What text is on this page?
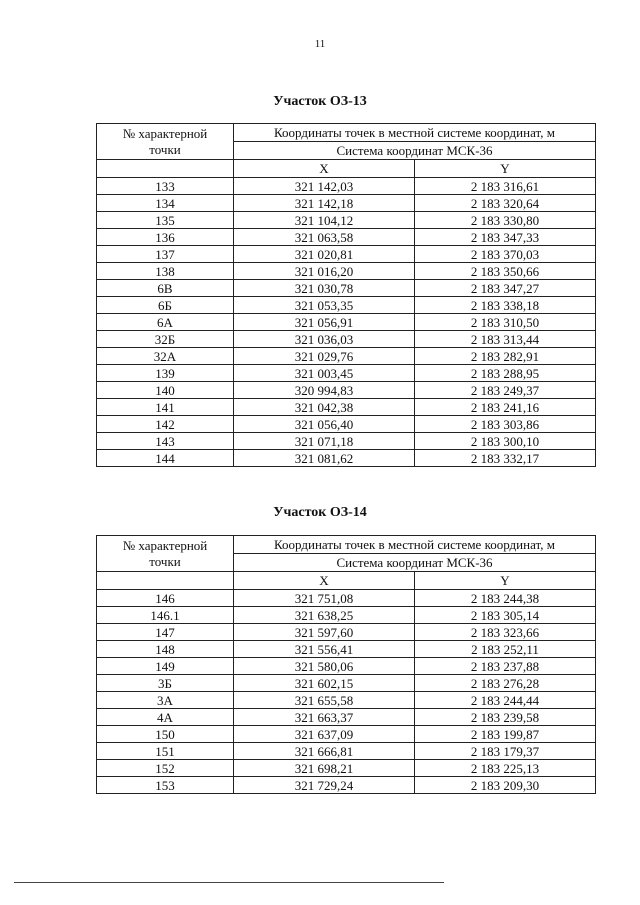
11
Участок ОЗ-13
№ характерной
точки	Координаты точек в местной системе координат, м	
	Система координат МСК-36	
	X	Y
133	321 142,03	2 183 316,61
134	321 142,18	2 183 320,64
135	321 104,12	2 183 330,80
136	321 063,58	2 183 347,33
137	321 020,81	2 183 370,03
138	321 016,20	2 183 350,66
6В	321 030,78	2 183 347,27
6Б	321 053,35	2 183 338,18
6А	321 056,91	2 183 310,50
32Б	321 036,03	2 183 313,44
32А	321 029,76	2 183 282,91
139	321 003,45	2 183 288,95
140	320 994,83	2 183 249,37
141	321 042,38	2 183 241,16
142	321 056,40	2 183 303,86
143	321 071,18	2 183 300,10
144	321 081,62	2 183 332,17
Участок ОЗ-14
№ характерной
точки	Координаты точек в местной системе координат, м	
	Система координат МСК-36	
	X	Y
146	321 751,08	2 183 244,38
146.1	321 638,25	2 183 305,14
147	321 597,60	2 183 323,66
148	321 556,41	2 183 252,11
149	321 580,06	2 183 237,88
3Б	321 602,15	2 183 276,28
3А	321 655,58	2 183 244,44
4А	321 663,37	2 183 239,58
150	321 637,09	2 183 199,87
151	321 666,81	2 183 179,37
152	321 698,21	2 183 225,13
153	321 729,24	2 183 209,30
